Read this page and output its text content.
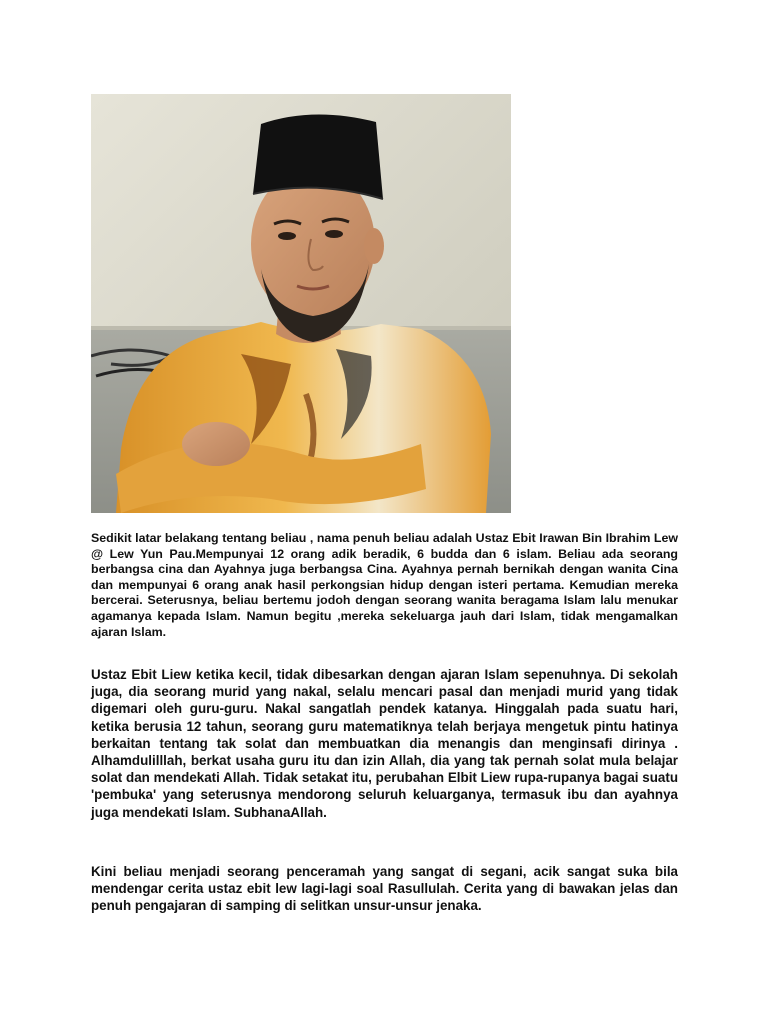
Sedikit latar belakang tentang beliau , nama penuh beliau adalah Ustaz Ebit Irawan Bin Ibrahim Lew @ Lew Yun Pau.Mempunyai 12 orang adik beradik, 6 budda dan 6 islam. Beliau ada seorang berbangsa cina dan Ayahnya juga berbangsa Cina. Ayahnya pernah bernikah dengan wanita Cina dan mempunyai 6 orang anak hasil perkongsian hidup dengan isteri pertama. Kemudian mereka bercerai. Seterusnya, beliau bertemu jodoh dengan seorang wanita beragama Islam lalu menukar agamanya kepada Islam. Namun begitu ,mereka sekeluarga jauh dari Islam, tidak mengamalkan ajaran Islam.

Ustaz Ebit Liew ketika kecil, tidak dibesarkan dengan ajaran Islam sepenuhnya. Di sekolah juga, dia seorang murid yang nakal, selalu mencari pasal dan menjadi murid yang tidak digemari oleh guru-guru. Nakal sangatlah pendek katanya. Hinggalah pada suatu hari, ketika berusia 12 tahun, seorang guru matematiknya telah berjaya mengetuk pintu hatinya berkaitan tentang tak solat dan membuatkan dia menangis dan menginsafi dirinya . Alhamdulilllah, berkat usaha guru itu dan izin Allah, dia yang tak pernah solat mula belajar solat dan mendekati Allah. Tidak setakat itu, perubahan Elbit Liew rupa-rupanya bagai suatu 'pembuka' yang seterusnya mendorong seluruh keluarganya, termasuk ibu dan ayahnya juga mendekati Islam. SubhanaAllah.

Kini beliau menjadi seorang penceramah yang sangat di segani, acik sangat suka bila mendengar cerita ustaz ebit lew lagi-lagi soal Rasullulah. Cerita yang di bawakan jelas dan penuh pengajaran di samping di selitkan unsur-unsur jenaka.
